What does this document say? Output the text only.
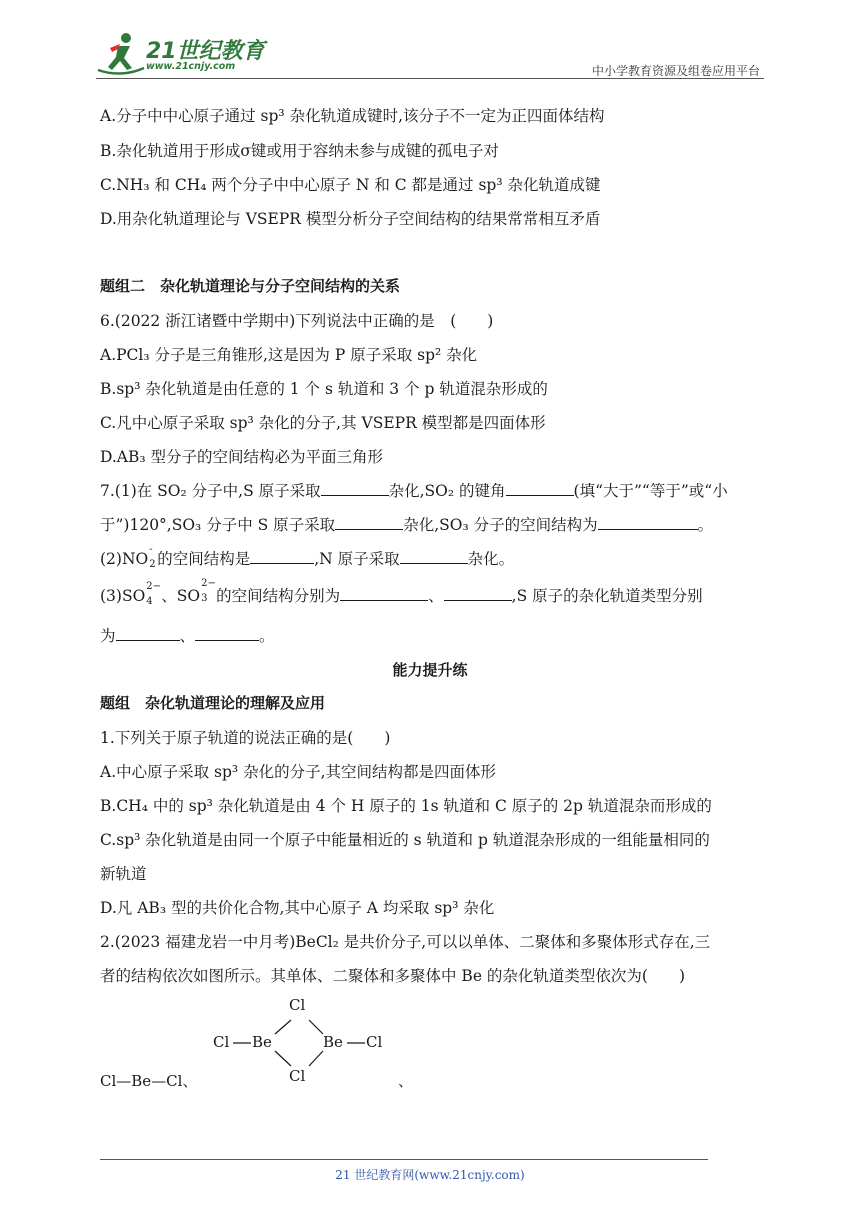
21世纪教育
www.21cnjy.com	中小学教育资源及组卷应用平台
A.分子中中心原子通过 sp³ 杂化轨道成键时,该分子不一定为正四面体结构
B.杂化轨道用于形成σ键或用于容纳未参与成键的孤电子对
C.NH₃ 和 CH₄ 两个分子中中心原子 N 和 C 都是通过 sp³ 杂化轨道成键
D.用杂化轨道理论与 VSEPR 模型分析分子空间结构的结果常常相互矛盾
题组二　杂化轨道理论与分子空间结构的关系
6.(2022 浙江诸暨中学期中)下列说法中正确的是　(　　)
A.PCl₃ 分子是三角锥形,这是因为 P 原子采取 sp² 杂化
B.sp³ 杂化轨道是由任意的 1 个 s 轨道和 3 个 p 轨道混杂形成的
C.凡中心原子采取 sp³ 杂化的分子,其 VSEPR 模型都是四面体形
D.AB₃ 型分子的空间结构必为平面三角形
7.(1)在 SO₂ 分子中,S 原子采取	杂化,SO₂ 的键角	(填“大于”“等于”或“小
于”)120°,SO₃ 分子中 S 原子采取	杂化,SO₃ 分子的空间结构为	。
(2)NO
-
2 的空间结构是	,N 原子采取	杂化。
(3)SO
2−
4 、SO
2−
3 的空间结构分别为	、	,S 原子的杂化轨道类型分别
为	、	。
能力提升练
题组　杂化轨道理论的理解及应用
1.下列关于原子轨道的说法正确的是(　　)
A.中心原子采取 sp³ 杂化的分子,其空间结构都是四面体形
B.CH₄ 中的 sp³ 杂化轨道是由 4 个 H 原子的 1s 轨道和 C 原子的 2p 轨道混杂而形成的
C.sp³ 杂化轨道是由同一个原子中能量相近的 s 轨道和 p 轨道混杂形成的一组能量相同的
新轨道
D.凡 AB₃ 型的共价化合物,其中心原子 A 均采取 sp³ 杂化
2.(2023 福建龙岩一中月考)BeCl₂ 是共价分子,可以以单体、二聚体和多聚体形式存在,三
者的结构依次如图所示。其单体、二聚体和多聚体中 Be 的杂化轨道类型依次为(　　)
Cl—Be—Cl、
Cl
Cl Be	Be Cl
Cl	、
21 世纪教育网(www.21cnjy.com)
